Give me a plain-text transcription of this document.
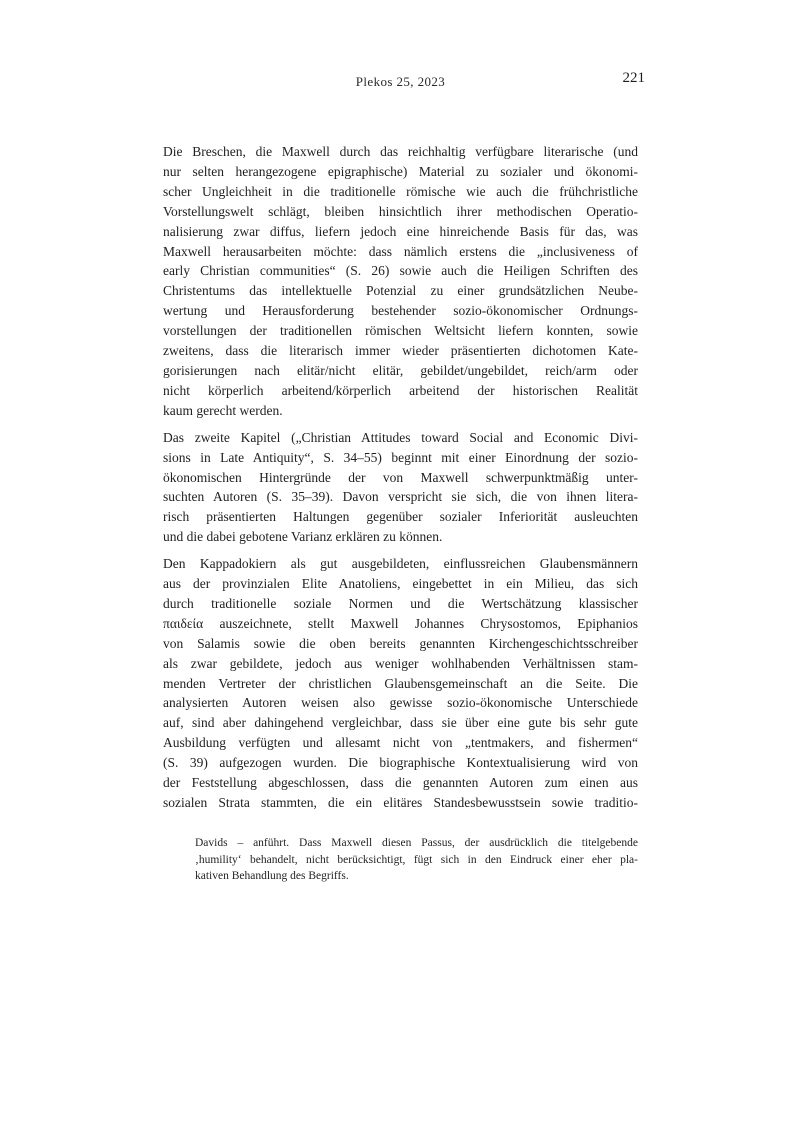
Plekos 25, 2023	221
Die Breschen, die Maxwell durch das reichhaltig verfügbare literarische (und
nur selten herangezogene epigraphische) Material zu sozialer und ökonomi-
scher Ungleichheit in die traditionelle römische wie auch die frühchristliche
Vorstellungswelt schlägt, bleiben hinsichtlich ihrer methodischen Operatio-
nalisierung zwar diffus, liefern jedoch eine hinreichende Basis für das, was
Maxwell herausarbeiten möchte: dass nämlich erstens die „inclusiveness of
early Christian communities“ (S. 26) sowie auch die Heiligen Schriften des
Christentums das intellektuelle Potenzial zu einer grundsätzlichen Neube-
wertung und Herausforderung bestehender sozio-ökonomischer Ordnungs-
vorstellungen der traditionellen römischen Weltsicht liefern konnten, sowie
zweitens, dass die literarisch immer wieder präsentierten dichotomen Kate-
gorisierungen nach elitär/nicht elitär, gebildet/ungebildet, reich/arm oder
nicht körperlich arbeitend/körperlich arbeitend der historischen Realität
kaum gerecht werden.
Das zweite Kapitel („Christian Attitudes toward Social and Economic Divi-
sions in Late Antiquity“, S. 34–55) beginnt mit einer Einordnung der sozio-
ökonomischen Hintergründe der von Maxwell schwerpunktmäßig unter-
suchten Autoren (S. 35–39). Davon verspricht sie sich, die von ihnen litera-
risch präsentierten Haltungen gegenüber sozialer Inferiorität ausleuchten
und die dabei gebotene Varianz erklären zu können.
Den Kappadokiern als gut ausgebildeten, einflussreichen Glaubensmännern
aus der provinzialen Elite Anatoliens, eingebettet in ein Milieu, das sich
durch traditionelle soziale Normen und die Wertschätzung klassischer
παιδεία auszeichnete, stellt Maxwell Johannes Chrysostomos, Epiphanios
von Salamis sowie die oben bereits genannten Kirchengeschichtsschreiber
als zwar gebildete, jedoch aus weniger wohlhabenden Verhältnissen stam-
menden Vertreter der christlichen Glaubensgemeinschaft an die Seite. Die
analysierten Autoren weisen also gewisse sozio-ökonomische Unterschiede
auf, sind aber dahingehend vergleichbar, dass sie über eine gute bis sehr gute
Ausbildung verfügten und allesamt nicht von „tentmakers, and fishermen“
(S. 39) aufgezogen wurden. Die biographische Kontextualisierung wird von
der Feststellung abgeschlossen, dass die genannten Autoren zum einen aus
sozialen Strata stammten, die ein elitäres Standesbewusstsein sowie traditio-
Davids – anführt. Dass Maxwell diesen Passus, der ausdrücklich die titelgebende
‚humility‘ behandelt, nicht berücksichtigt, fügt sich in den Eindruck einer eher pla-
kativen Behandlung des Begriffs.
